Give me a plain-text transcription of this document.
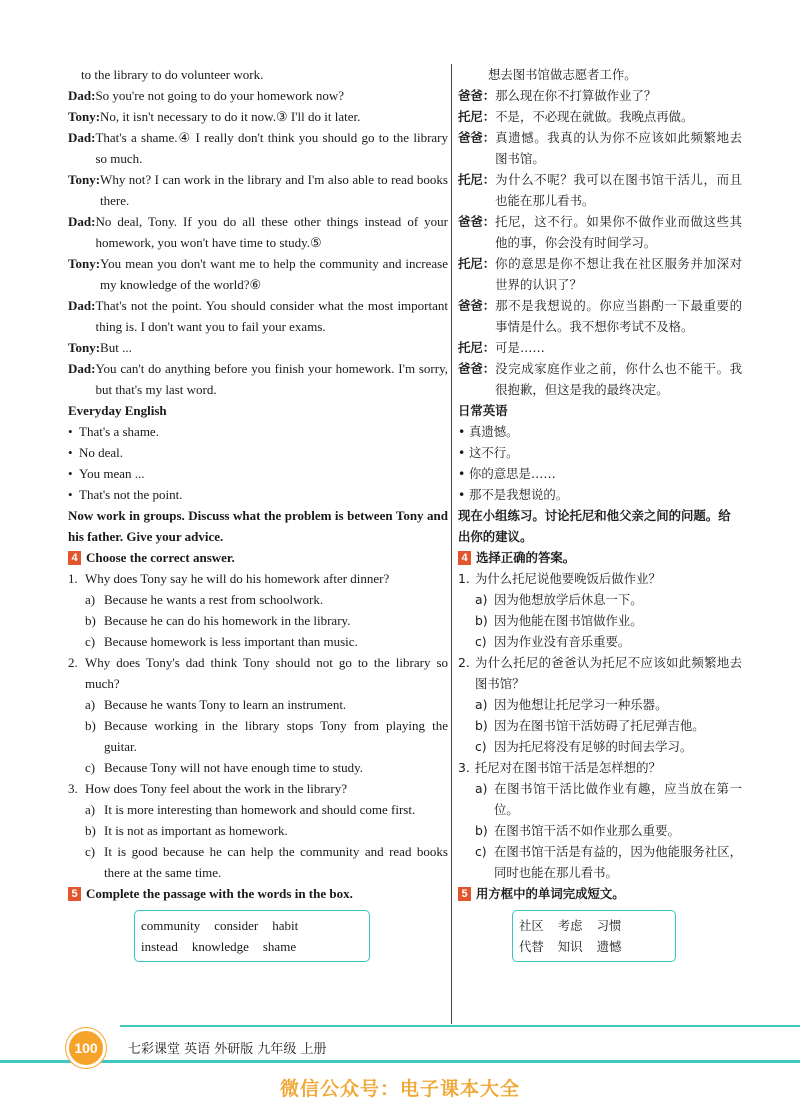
to the library to do volunteer work.
Dad: So you're not going to do your homework now?
Tony: No, it isn't necessary to do it now.③ I'll do it later.
Dad: That's a shame.④ I really don't think you should go to the library so much.
Tony: Why not? I can work in the library and I'm also able to read books there.
Dad: No deal, Tony. If you do all these other things instead of your homework, you won't have time to study.⑤
Tony: You mean you don't want me to help the community and increase my knowledge of the world?⑥
Dad: That's not the point. You should consider what the most important thing is. I don't want you to fail your exams.
Tony: But ...
Dad: You can't do anything before you finish your homework. I'm sorry, but that's my last word.
Everyday English
• That's a shame.
• No deal.
• You mean ...
• That's not the point.
Now work in groups. Discuss what the problem is between Tony and his father. Give your advice.
4 Choose the correct answer.
1. Why does Tony say he will do his homework after dinner?
a) Because he wants a rest from schoolwork.
b) Because he can do his homework in the library.
c) Because homework is less important than music.
2. Why does Tony's dad think Tony should not go to the library so much?
a) Because he wants Tony to learn an instrument.
b) Because working in the library stops Tony from playing the guitar.
c) Because Tony will not have enough time to study.
3. How does Tony feel about the work in the library?
a) It is more interesting than homework and should come first.
b) It is not as important as homework.
c) It is good because he can help the community and read books there at the same time.
5 Complete the passage with the words in the box.
community consider habit
instead knowledge shame
想去图书馆做志愿者工作。
爸爸： 那么现在你不打算做作业了？
托尼： 不是，不必现在就做。我晚点再做。
爸爸： 真遗憾。我真的认为你不应该如此频繁地去图书馆。
托尼： 为什么不呢？我可以在图书馆干活儿，而且也能在那儿看书。
爸爸： 托尼，这不行。如果你不做作业而做这些其他的事，你会没有时间学习。
托尼： 你的意思是你不想让我在社区服务并加深对世界的认识了？
爸爸： 那不是我想说的。你应当斟酌一下最重要的事情是什么。我不想你考试不及格。
托尼： 可是……
爸爸： 没完成家庭作业之前，你什么也不能干。我很抱歉，但这是我的最终决定。
日常英语
• 真遗憾。
• 这不行。
• 你的意思是……
• 那不是我想说的。
现在小组练习。讨论托尼和他父亲之间的问题。给出你的建议。
4 选择正确的答案。
1. 为什么托尼说他要晚饭后做作业？
a) 因为他想放学后休息一下。
b) 因为他能在图书馆做作业。
c) 因为作业没有音乐重要。
2. 为什么托尼的爸爸认为托尼不应该如此频繁地去图书馆？
a) 因为他想让托尼学习一种乐器。
b) 因为在图书馆干活妨碍了托尼弹吉他。
c) 因为托尼将没有足够的时间去学习。
3. 托尼对在图书馆干活是怎样想的？
a) 在图书馆干活比做作业有趣，应当放在第一位。
b) 在图书馆干活不如作业那么重要。
c) 在图书馆干活是有益的，因为他能服务社区，同时也能在那儿看书。
5 用方框中的单词完成短文。
社区 考虑 习惯
代替 知识 遗憾
100	七彩课堂 英语 外研版 九年级 上册
微信公众号：电子课本大全
